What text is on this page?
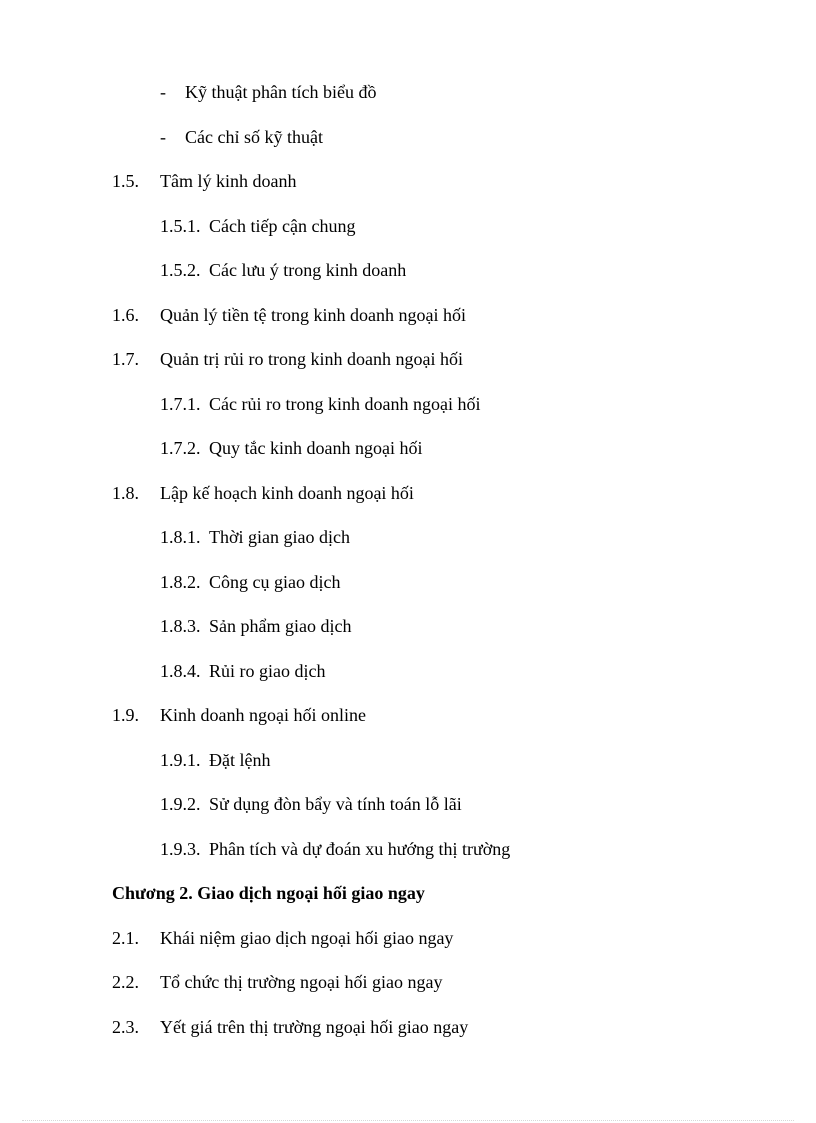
- Kỹ thuật phân tích biểu đồ
- Các chỉ số kỹ thuật
1.5. Tâm lý kinh doanh
1.5.1. Cách tiếp cận chung
1.5.2. Các lưu ý trong kinh doanh
1.6. Quản lý tiền tệ trong kinh doanh ngoại hối
1.7. Quản trị rủi ro trong kinh doanh ngoại hối
1.7.1. Các rủi ro trong kinh doanh ngoại hối
1.7.2. Quy tắc kinh doanh ngoại hối
1.8. Lập kế hoạch kinh doanh ngoại hối
1.8.1. Thời gian giao dịch
1.8.2. Công cụ giao dịch
1.8.3. Sản phẩm giao dịch
1.8.4. Rủi ro giao dịch
1.9. Kinh doanh ngoại hối online
1.9.1. Đặt lệnh
1.9.2. Sử dụng đòn bẩy và tính toán lỗ lãi
1.9.3. Phân tích và dự đoán xu hướng thị trường
Chương 2. Giao dịch ngoại hối giao ngay
2.1. Khái niệm giao dịch ngoại hối giao ngay
2.2. Tổ chức thị trường ngoại hối giao ngay
2.3. Yết giá trên thị trường ngoại hối giao ngay
